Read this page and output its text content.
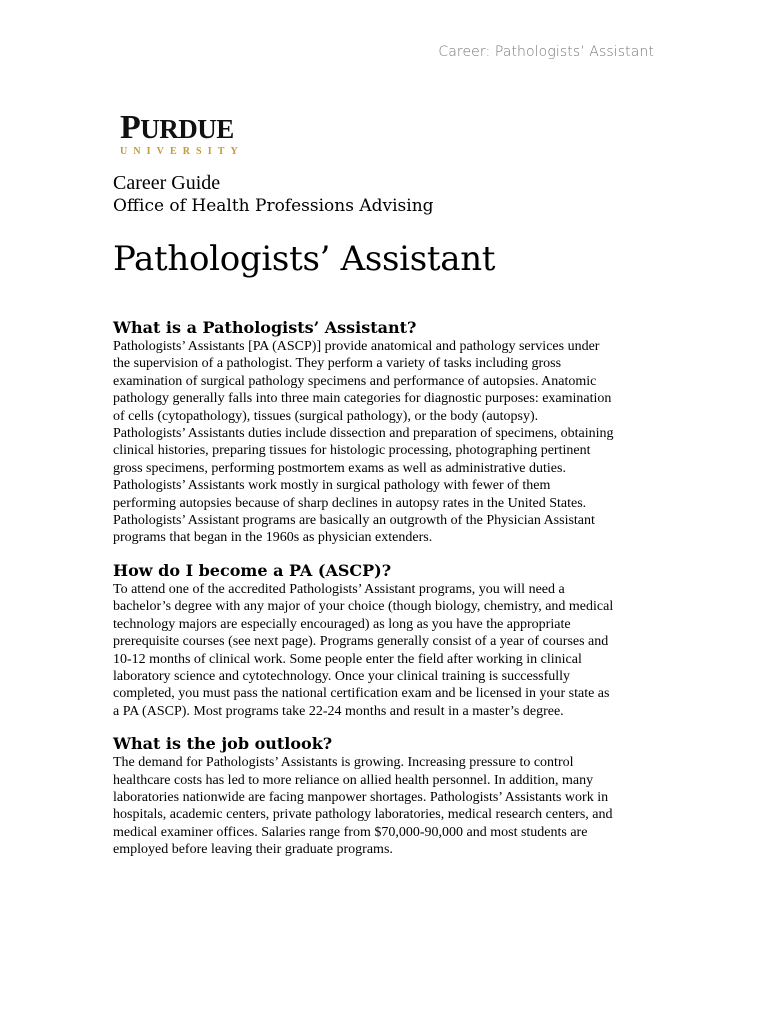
Career: Pathologists’ Assistant
PURDUE
UNIVERSITY
Career Guide
Office of Health Professions Advising
Pathologists’ Assistant
What is a Pathologists’ Assistant?

Pathologists’ Assistants [PA (ASCP)] provide anatomical and pathology services under
the supervision of a pathologist. They perform a variety of tasks including gross
examination of surgical pathology specimens and performance of autopsies. Anatomic
pathology generally falls into three main categories for diagnostic purposes: examination
of cells (cytopathology), tissues (surgical pathology), or the body (autopsy).
Pathologists’ Assistants duties include dissection and preparation of specimens, obtaining
clinical histories, preparing tissues for histologic processing, photographing pertinent
gross specimens, performing postmortem exams as well as administrative duties.
Pathologists’ Assistants work mostly in surgical pathology with fewer of them
performing autopsies because of sharp declines in autopsy rates in the United States.
Pathologists’ Assistant programs are basically an outgrowth of the Physician Assistant
programs that began in the 1960s as physician extenders.

How do I become a PA (ASCP)?

To attend one of the accredited Pathologists’ Assistant programs, you will need a
bachelor’s degree with any major of your choice (though biology, chemistry, and medical
technology majors are especially encouraged) as long as you have the appropriate
prerequisite courses (see next page). Programs generally consist of a year of courses and
10-12 months of clinical work. Some people enter the field after working in clinical
laboratory science and cytotechnology. Once your clinical training is successfully
completed, you must pass the national certification exam and be licensed in your state as
a PA (ASCP). Most programs take 22-24 months and result in a master’s degree.

What is the job outlook?

The demand for Pathologists’ Assistants is growing. Increasing pressure to control
healthcare costs has led to more reliance on allied health personnel. In addition, many
laboratories nationwide are facing manpower shortages. Pathologists’ Assistants work in
hospitals, academic centers, private pathology laboratories, medical research centers, and
medical examiner offices. Salaries range from $70,000-90,000 and most students are
employed before leaving their graduate programs.
